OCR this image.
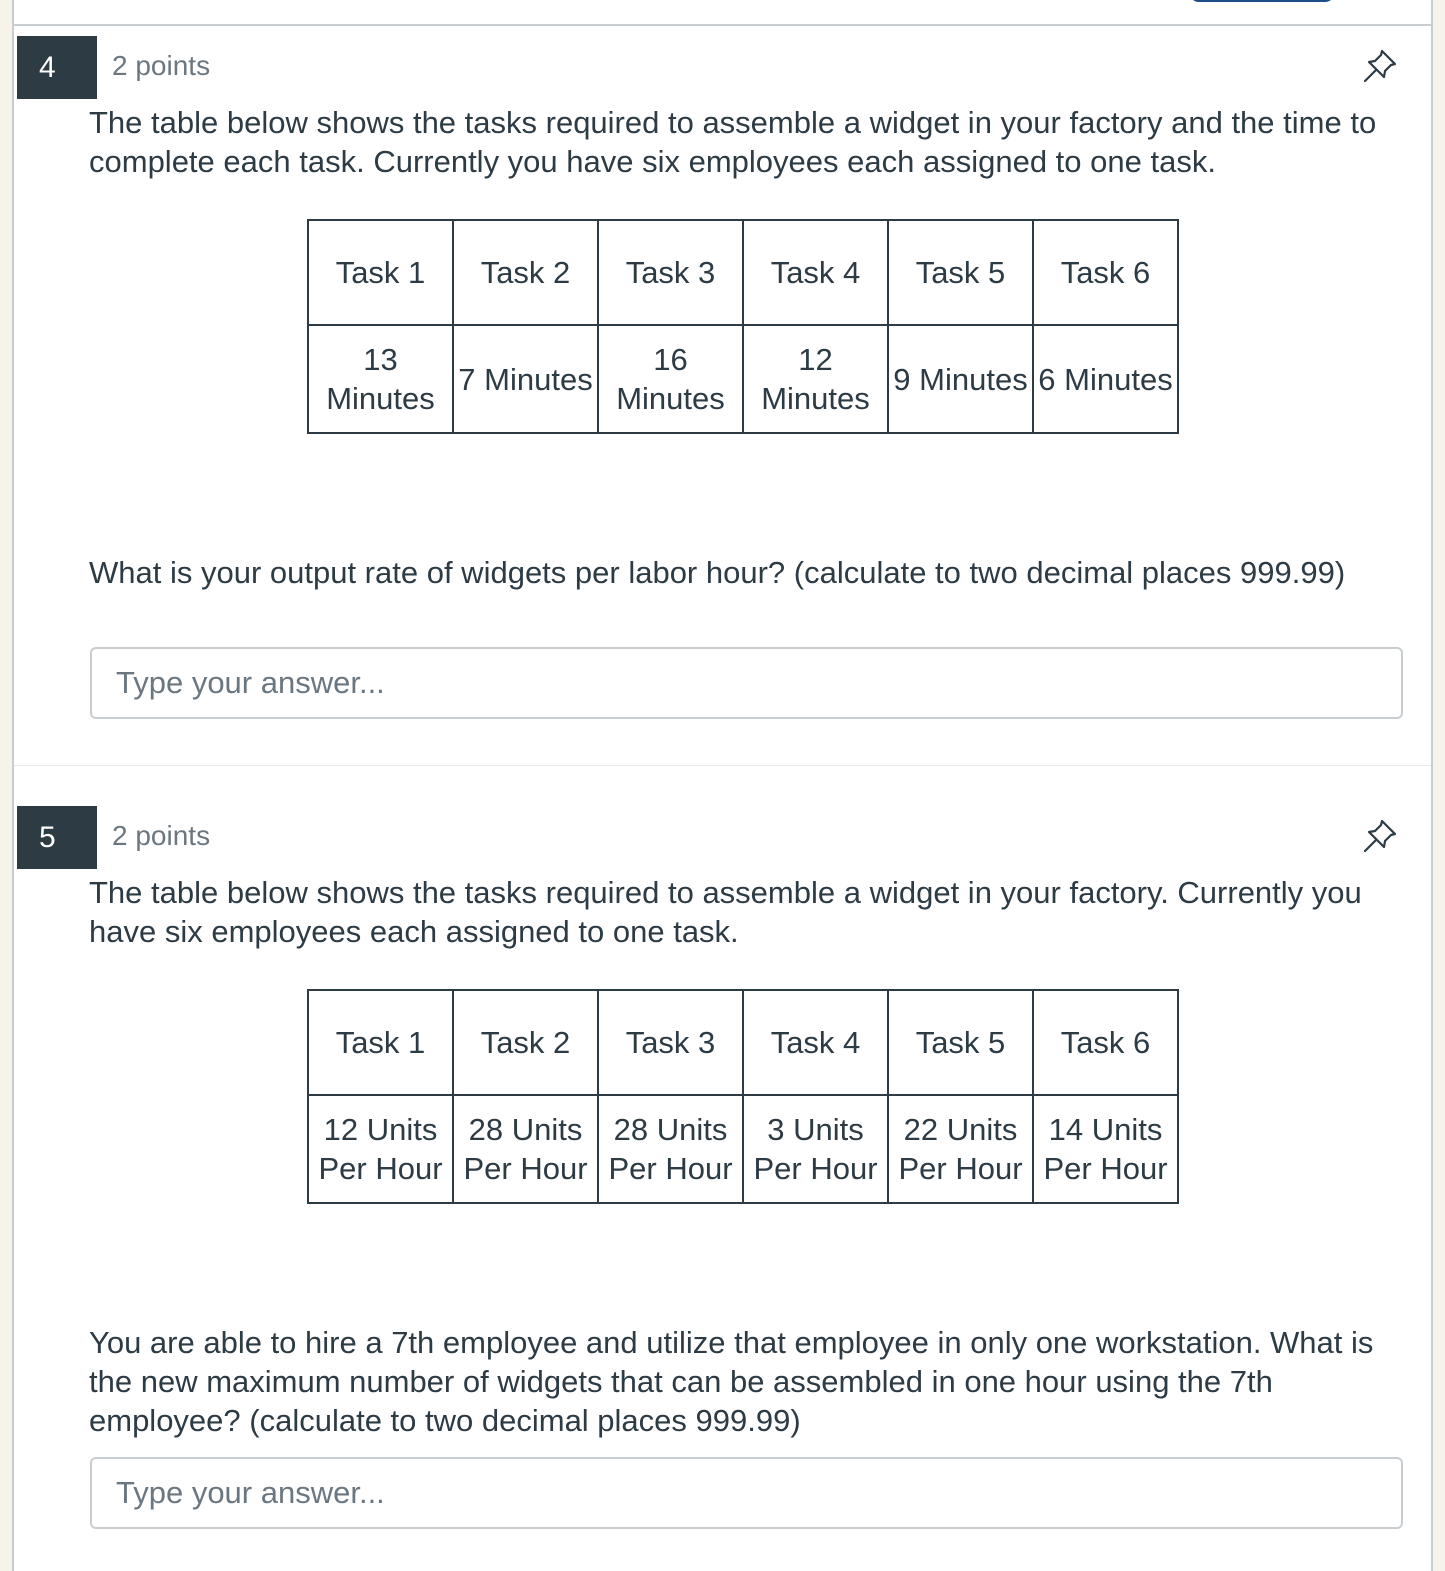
4	2 points
The table below shows the tasks required to assemble a widget in your factory and the time to complete each task. Currently you have six employees each assigned to one task.
Task 1	Task 2	Task 3	Task 4	Task 5	Task 6
13 Minutes	7 Minutes	16 Minutes	12 Minutes	9 Minutes	6 Minutes
What is your output rate of widgets per labor hour? (calculate to two decimal places 999.99)
Type your answer...
5	2 points
The table below shows the tasks required to assemble a widget in your factory. Currently you have six employees each assigned to one task.
Task 1	Task 2	Task 3	Task 4	Task 5	Task 6
12 Units Per Hour	28 Units Per Hour	28 Units Per Hour	3 Units Per Hour	22 Units Per Hour	14 Units Per Hour
You are able to hire a 7th employee and utilize that employee in only one workstation. What is the new maximum number of widgets that can be assembled in one hour using the 7th employee? (calculate to two decimal places 999.99)
Type your answer...
